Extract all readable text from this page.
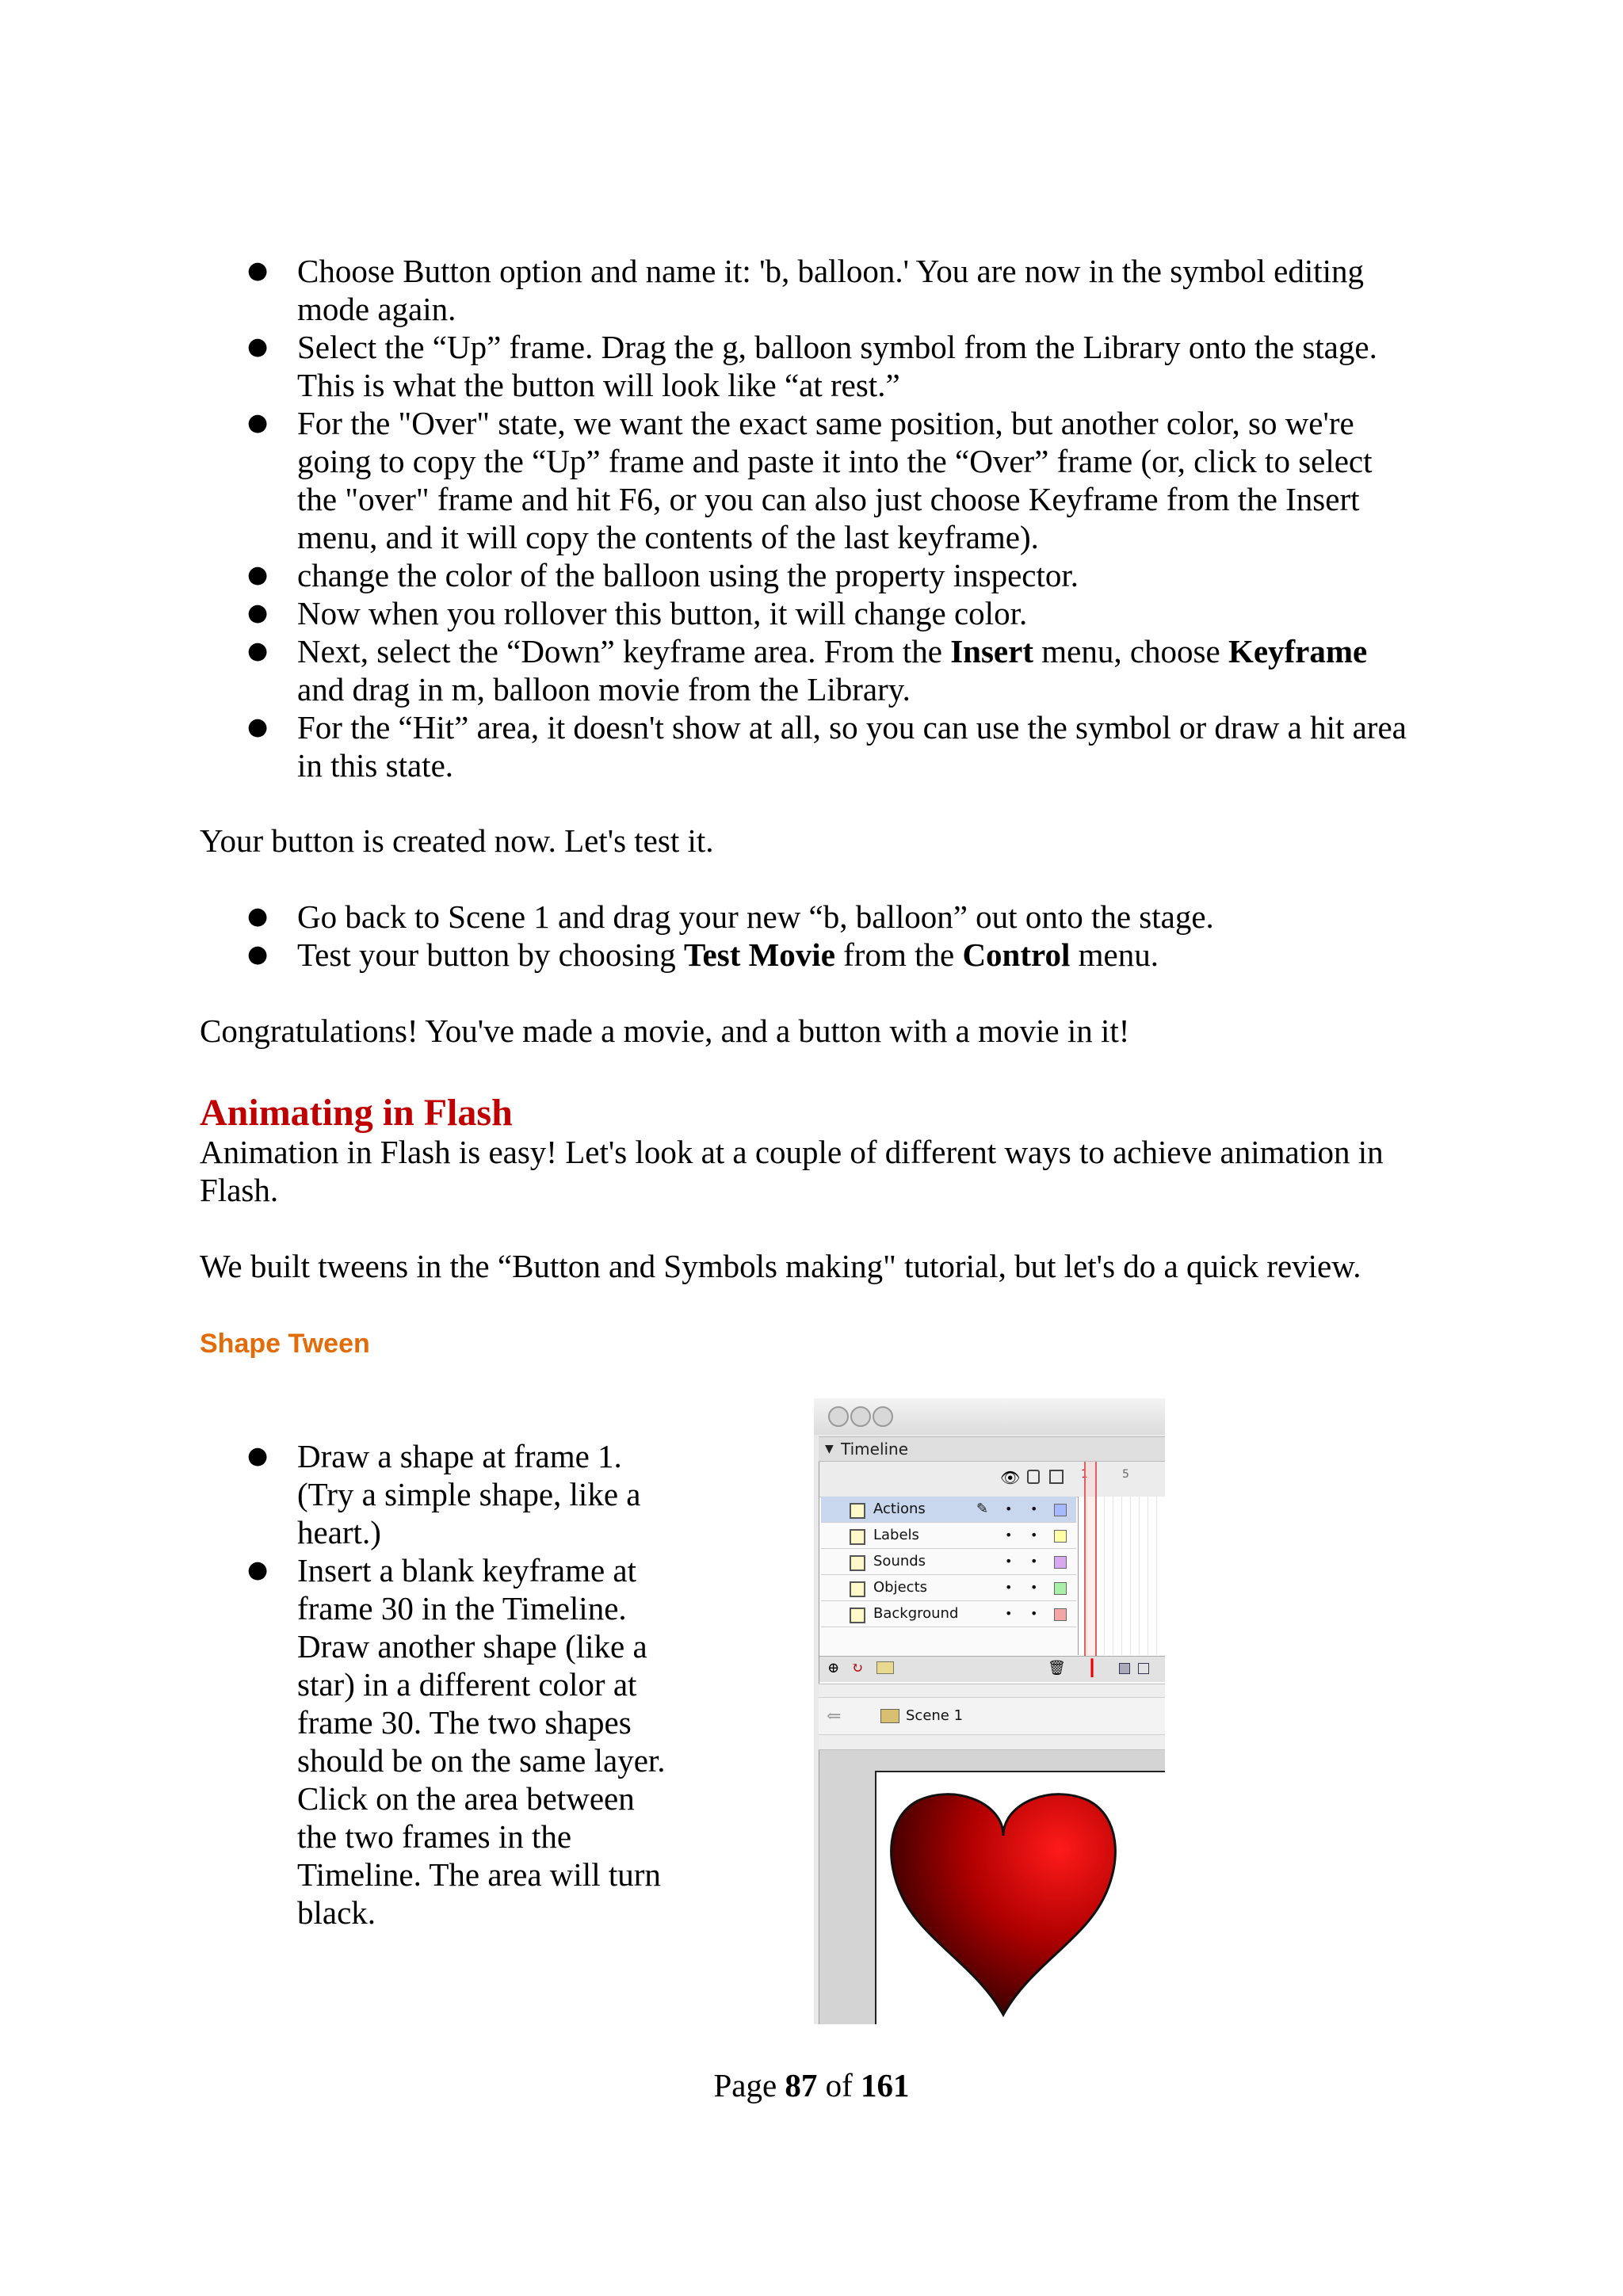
● Choose Button option and name it: 'b, balloon.' You are now in the symbol editing mode again.
● Select the “Up” frame. Drag the g, balloon symbol from the Library onto the stage. This is what the button will look like “at rest.”
● For the "Over" state, we want the exact same position, but another color, so we're going to copy the “Up” frame and paste it into the “Over” frame (or, click to select the "over" frame and hit F6, or you can also just choose Keyframe from the Insert menu, and it will copy the contents of the last keyframe).
● change the color of the balloon using the property inspector.
● Now when you rollover this button, it will change color.
● Next, select the “Down” keyframe area. From the Insert menu, choose Keyframe and drag in m, balloon movie from the Library.
● For the “Hit” area, it doesn't show at all, so you can use the symbol or draw a hit area in this state.

Your button is created now. Let's test it.

● Go back to Scene 1 and drag your new “b, balloon” out onto the stage.
● Test your button by choosing Test Movie from the Control menu.

Congratulations! You've made a movie, and a button with a movie in it!

Animating in Flash

Animation in Flash is easy! Let's look at a couple of different ways to achieve animation in Flash.

We built tweens in the “Button and Symbols making" tutorial, but let's do a quick review.

Shape Tween
● Draw a shape at frame 1. (Try a simple shape, like a heart.)
● Insert a blank keyframe at frame 30 in the Timeline. Draw another shape (like a star) in a different color at frame 30. The two shapes should be on the same layer. Click on the area between the two frames in the Timeline. The area will turn black.
▼ Timeline
👁	1	5
Actions	✎ • •
Labels	• •
Sounds	• •
Objects	• •
Background	• •
⊕ ↻	🗑 ┃
⇐	Scene 1
Page 87 of 161
